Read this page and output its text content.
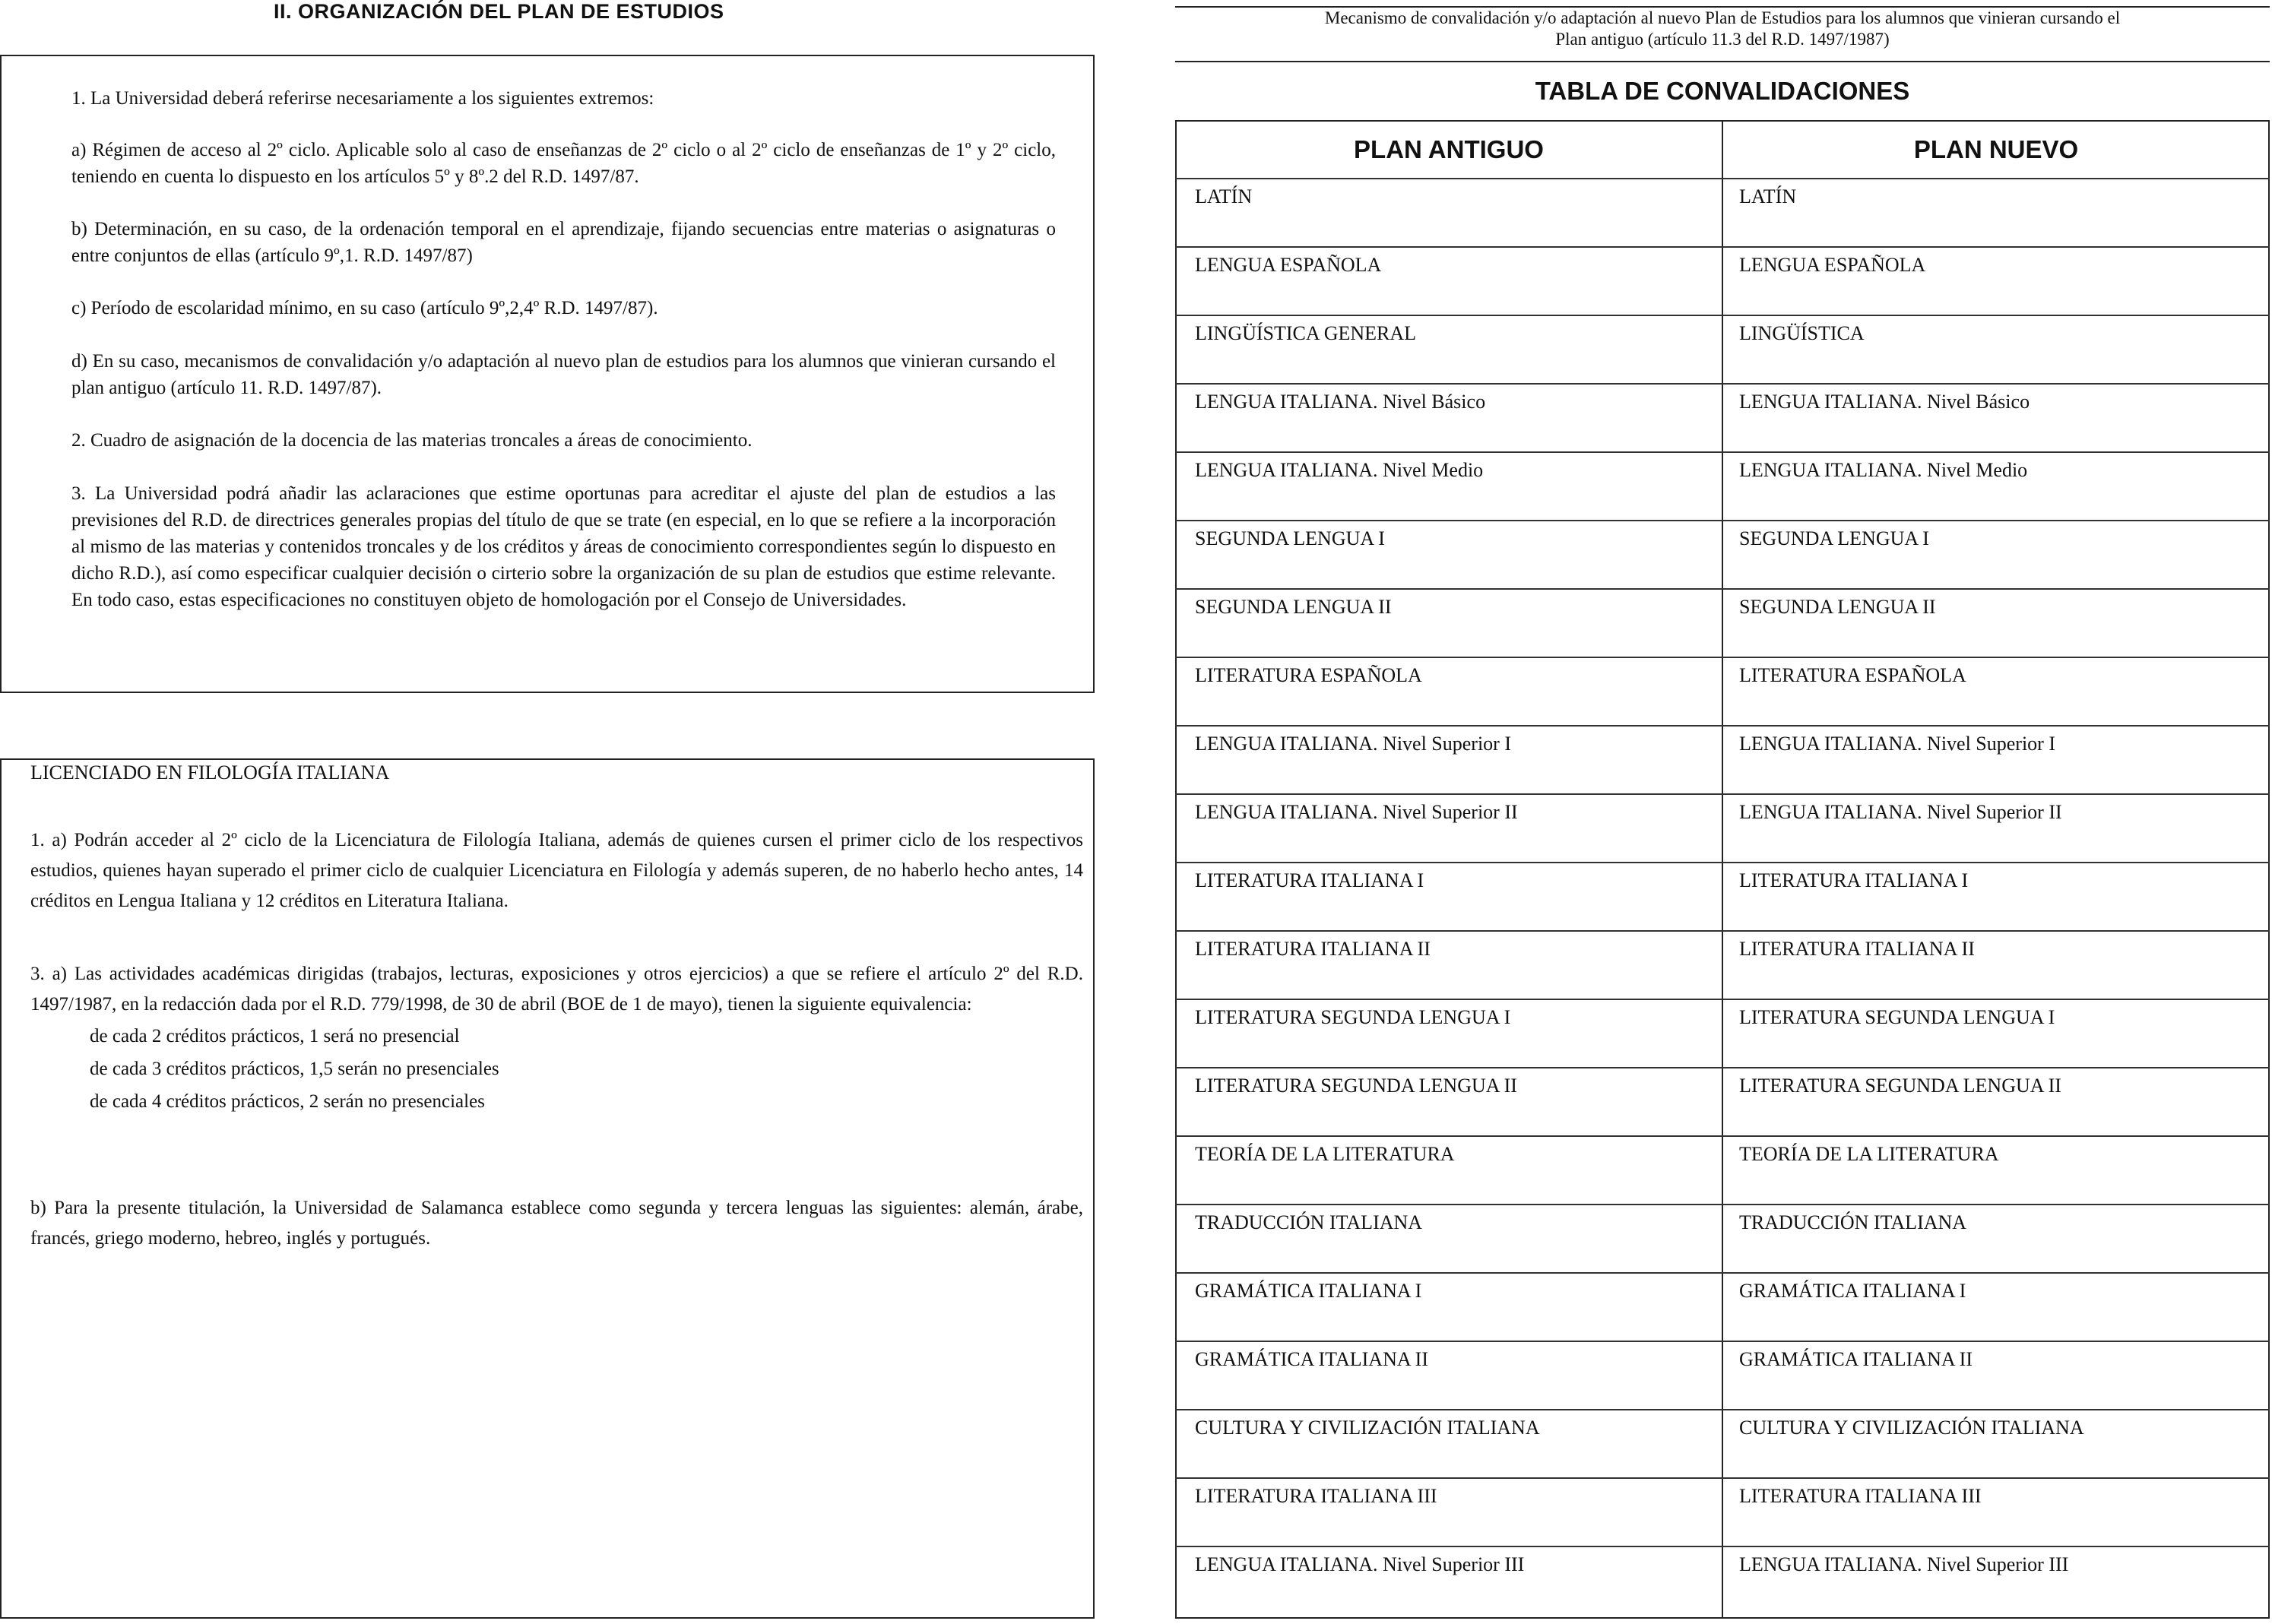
II. ORGANIZACIÓN DEL PLAN DE ESTUDIOS
1. La Universidad deberá referirse necesariamente a los siguientes extremos:
a) Régimen de acceso al 2º ciclo. Aplicable solo al caso de enseñanzas de 2º ciclo o al 2º ciclo de enseñanzas de 1º y 2º ciclo, teniendo en cuenta lo dispuesto en los artículos 5º y 8º.2 del R.D. 1497/87.
b) Determinación, en su caso, de la ordenación temporal en el aprendizaje, fijando secuencias entre materias o asignaturas o entre conjuntos de ellas (artículo 9º,1. R.D. 1497/87)
c) Período de escolaridad mínimo, en su caso (artículo 9º,2,4º R.D. 1497/87).
d) En su caso, mecanismos de convalidación y/o adaptación al nuevo plan de estudios para los alumnos que vinieran cursando el plan antiguo (artículo 11. R.D. 1497/87).
2. Cuadro de asignación de la docencia de las materias troncales a áreas de conocimiento.
3. La Universidad podrá añadir las aclaraciones que estime oportunas para acreditar el ajuste del plan de estudios a las previsiones del R.D. de directrices generales propias del título de que se trate (en especial, en lo que se refiere a la incorporación al mismo de las materias y contenidos troncales y de los créditos y áreas de conocimiento correspondientes según lo dispuesto en dicho R.D.), así como especificar cualquier decisión o cirterio sobre la organización de su plan de estudios que estime relevante. En todo caso, estas especificaciones no constituyen objeto de homologación por el Consejo de Universidades.
LICENCIADO EN FILOLOGÍA ITALIANA
1. a) Podrán acceder al 2º ciclo de la Licenciatura de Filología Italiana, además de quienes cursen el primer ciclo de los respectivos estudios, quienes hayan superado el primer ciclo de cualquier Licenciatura en Filología y además superen, de no haberlo hecho antes, 14 créditos en Lengua Italiana y 12 créditos en Literatura Italiana.
3. a) Las actividades académicas dirigidas (trabajos, lecturas, exposiciones y otros ejercicios) a que se refiere el artículo 2º del R.D. 1497/1987, en la redacción dada por el R.D. 779/1998, de 30 de abril (BOE de 1 de mayo), tienen la siguiente equivalencia:
de cada 2 créditos prácticos, 1 será no presencial
de cada 3 créditos prácticos, 1,5 serán no presenciales
de cada 4 créditos prácticos, 2 serán no presenciales
b) Para la presente titulación, la Universidad de Salamanca establece como segunda y tercera lenguas las siguientes: alemán, árabe, francés, griego moderno, hebreo, inglés y portugués.
Mecanismo de convalidación y/o adaptación al nuevo Plan de Estudios para los alumnos que vinieran cursando el
Plan antiguo (artículo 11.3 del R.D. 1497/1987)
TABLA DE CONVALIDACIONES
PLAN ANTIGUO	PLAN NUEVO
LATÍN	LATÍN
LENGUA ESPAÑOLA	LENGUA ESPAÑOLA
LINGÜÍSTICA GENERAL	LINGÜÍSTICA
LENGUA ITALIANA. Nivel Básico	LENGUA ITALIANA. Nivel Básico
LENGUA ITALIANA. Nivel Medio	LENGUA ITALIANA. Nivel Medio
SEGUNDA LENGUA I	SEGUNDA LENGUA I
SEGUNDA LENGUA II	SEGUNDA LENGUA II
LITERATURA ESPAÑOLA	LITERATURA ESPAÑOLA
LENGUA ITALIANA. Nivel Superior I	LENGUA ITALIANA. Nivel Superior I
LENGUA ITALIANA. Nivel Superior II	LENGUA ITALIANA. Nivel Superior II
LITERATURA ITALIANA I	LITERATURA ITALIANA I
LITERATURA ITALIANA II	LITERATURA ITALIANA II
LITERATURA SEGUNDA LENGUA I	LITERATURA SEGUNDA LENGUA I
LITERATURA SEGUNDA LENGUA II	LITERATURA SEGUNDA LENGUA II
TEORÍA DE LA LITERATURA	TEORÍA DE LA LITERATURA
TRADUCCIÓN ITALIANA	TRADUCCIÓN ITALIANA
GRAMÁTICA ITALIANA I	GRAMÁTICA ITALIANA I
GRAMÁTICA ITALIANA II	GRAMÁTICA ITALIANA II
CULTURA Y CIVILIZACIÓN ITALIANA	CULTURA Y CIVILIZACIÓN ITALIANA
LITERATURA ITALIANA III	LITERATURA ITALIANA III
LENGUA ITALIANA. Nivel Superior III	LENGUA ITALIANA. Nivel Superior III
